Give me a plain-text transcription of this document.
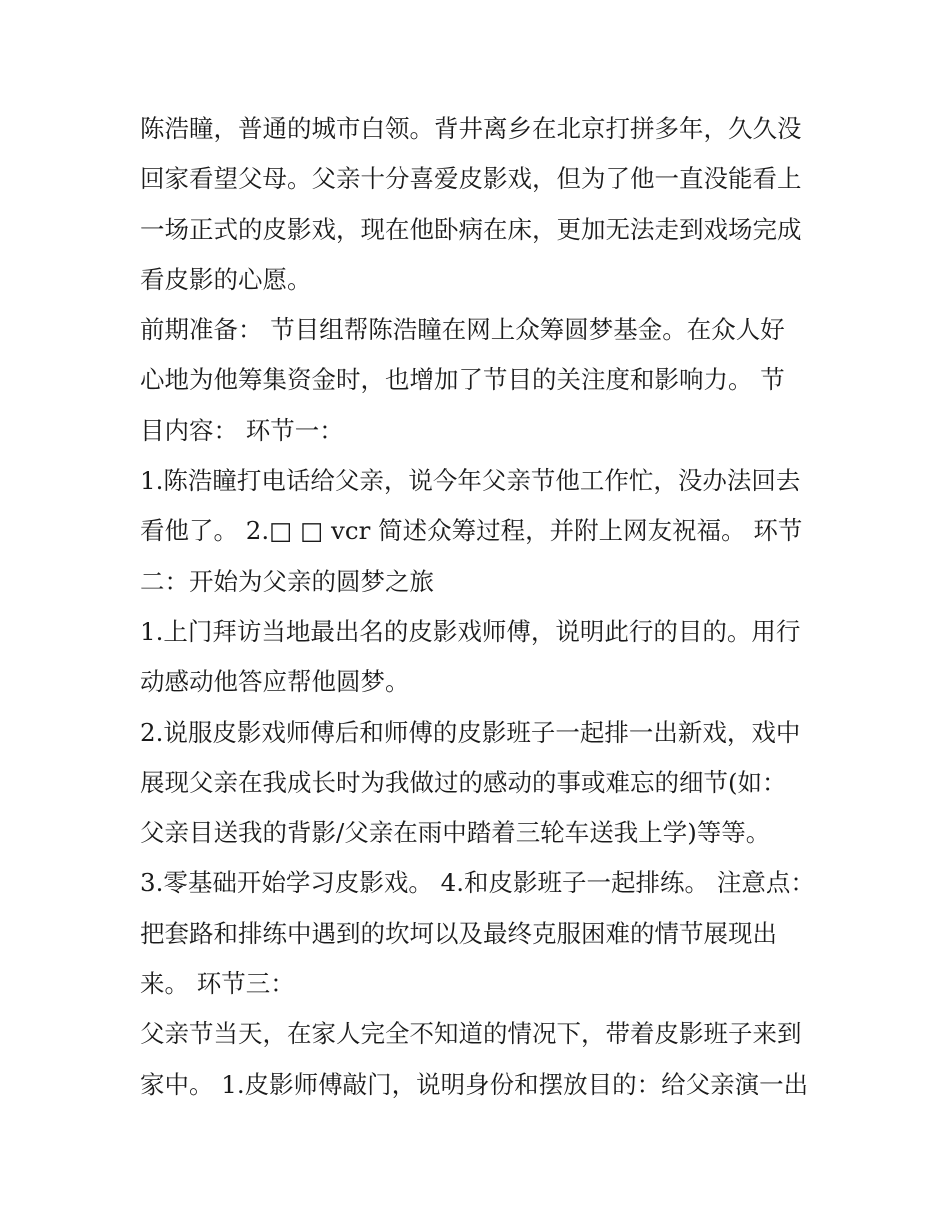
陈浩瞳，普通的城市白领。背井离乡在北京打拼多年，久久没
回家看望父母。父亲十分喜爱皮影戏，但为了他一直没能看上
一场正式的皮影戏，现在他卧病在床，更加无法走到戏场完成
看皮影的心愿。
前期准备： 节目组帮陈浩瞳在网上众筹圆梦基金。在众人好
心地为他筹集资金时，也增加了节目的关注度和影响力。 节
目内容： 环节一：
1.陈浩瞳打电话给父亲，说今年父亲节他工作忙，没办法回去
看他了。 2.□ □ vcr 简述众筹过程，并附上网友祝福。 环节
二：开始为父亲的圆梦之旅
1.上门拜访当地最出名的皮影戏师傅，说明此行的目的。用行
动感动他答应帮他圆梦。
2.说服皮影戏师傅后和师傅的皮影班子一起排一出新戏，戏中
展现父亲在我成长时为我做过的感动的事或难忘的细节(如：
父亲目送我的背影/父亲在雨中踏着三轮车送我上学)等等。
3.零基础开始学习皮影戏。 4.和皮影班子一起排练。 注意点：
把套路和排练中遇到的坎坷以及最终克服困难的情节展现出
来。 环节三：
父亲节当天，在家人完全不知道的情况下，带着皮影班子来到
家中。 1.皮影师傅敲门，说明身份和摆放目的：给父亲演一出
